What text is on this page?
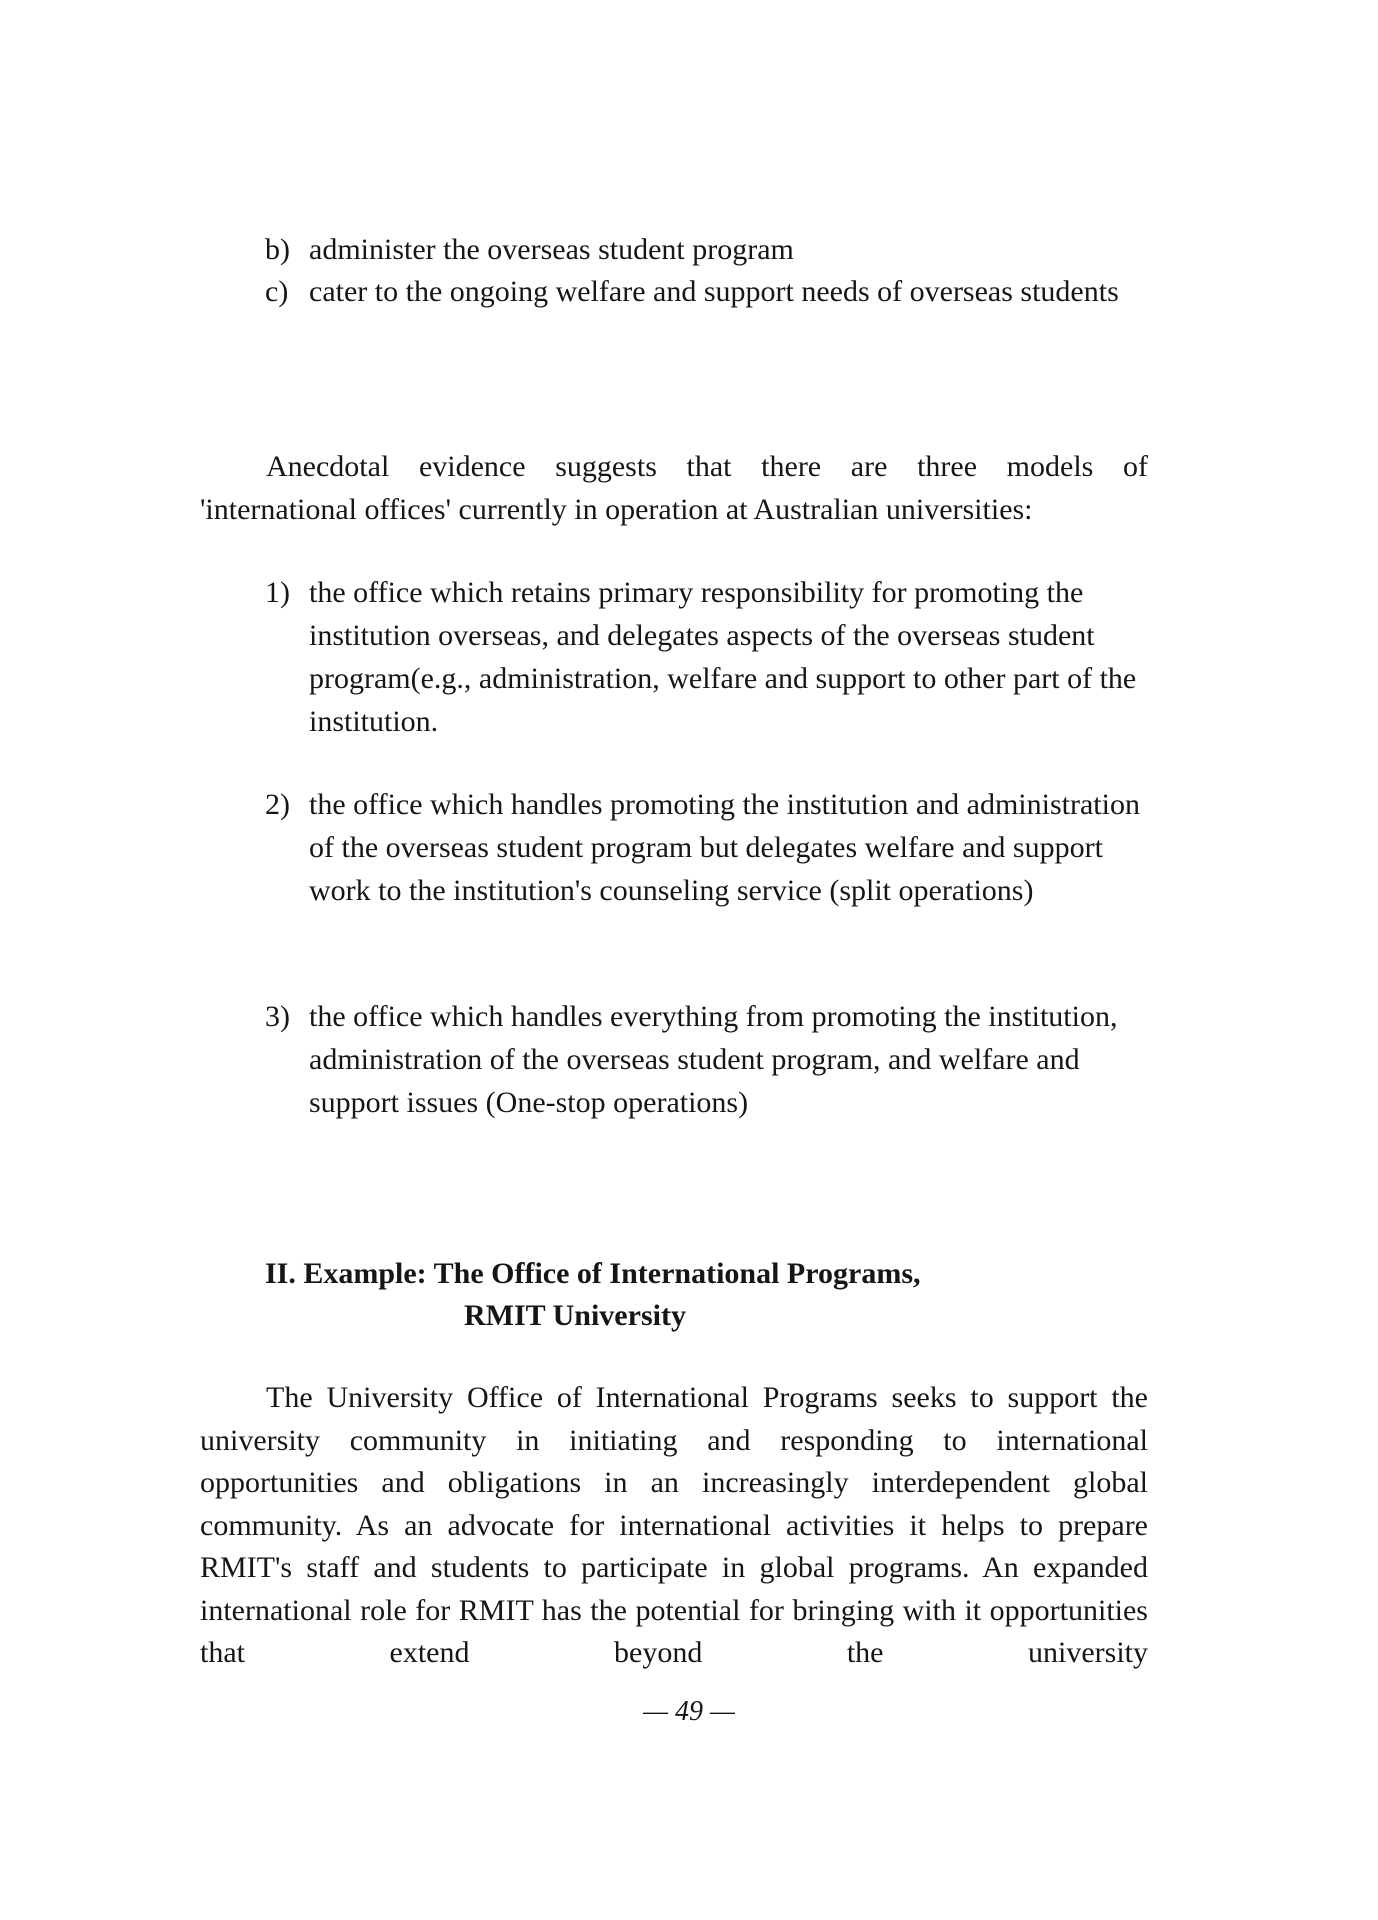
b) administer the overseas student program
c) cater to the ongoing welfare and support needs of overseas students
Anecdotal evidence suggests that there are three models of
'international offices' currently in operation at Australian universities:
1) the office which retains primary responsibility for promoting the institution overseas, and delegates aspects of the overseas student program(e.g., administration, welfare and support to other part of the institution.
2) the office which handles promoting the institution and administration of the overseas student program but delegates welfare and support work to the institution's counseling service (split operations)
3) the office which handles everything from promoting the institution, administration of the overseas student program, and welfare and support issues (One-stop operations)
II. Example: The Office of International Programs,
RMIT University
The University Office of International Programs seeks to support the university community in initiating and responding to international opportunities and obligations in an increasingly interdependent global community. As an advocate for international activities it helps to prepare RMIT's staff and students to participate in global programs. An expanded international role for RMIT has the potential for bringing with it opportunities that extend beyond the university
— 49 —
